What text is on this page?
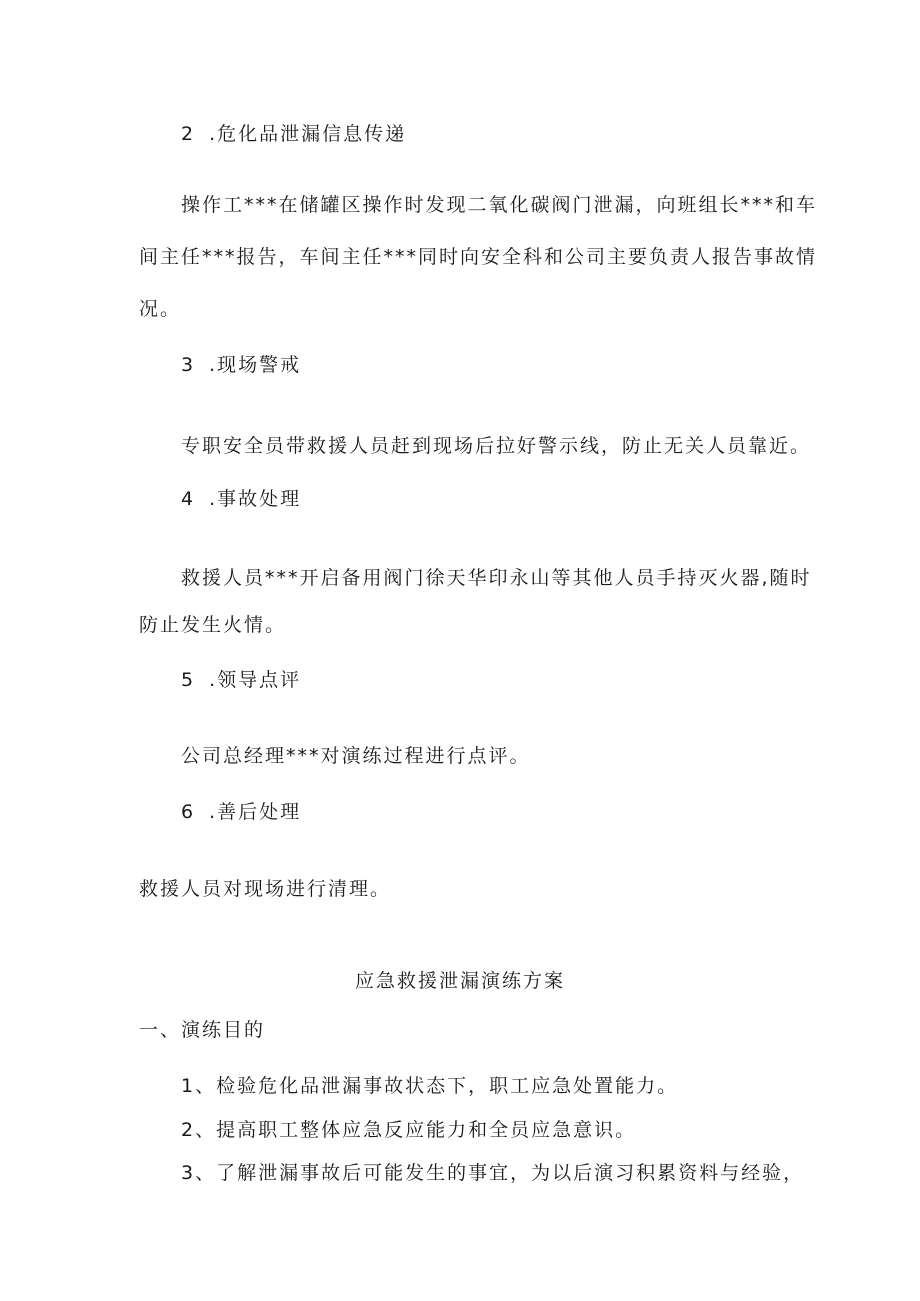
2 .危化品泄漏信息传递

操作工***在储罐区操作时发现二氧化碳阀门泄漏，向班组长***和车

间主任***报告，车间主任***同时向安全科和公司主要负责人报告事故情

况。

3 .现场警戒

专职安全员带救援人员赶到现场后拉好警示线，防止无关人员靠近。

4 .事故处理

救援人员***开启备用阀门徐天华印永山等其他人员手持灭火器,随时

防止发生火情。

5 .领导点评

公司总经理***对演练过程进行点评。

6 .善后处理

救援人员对现场进行清理。

应急救援泄漏演练方案

一、演练目的

1、检验危化品泄漏事故状态下，职工应急处置能力。

2、提高职工整体应急反应能力和全员应急意识。

3、了解泄漏事故后可能发生的事宜，为以后演习积累资料与经验，
